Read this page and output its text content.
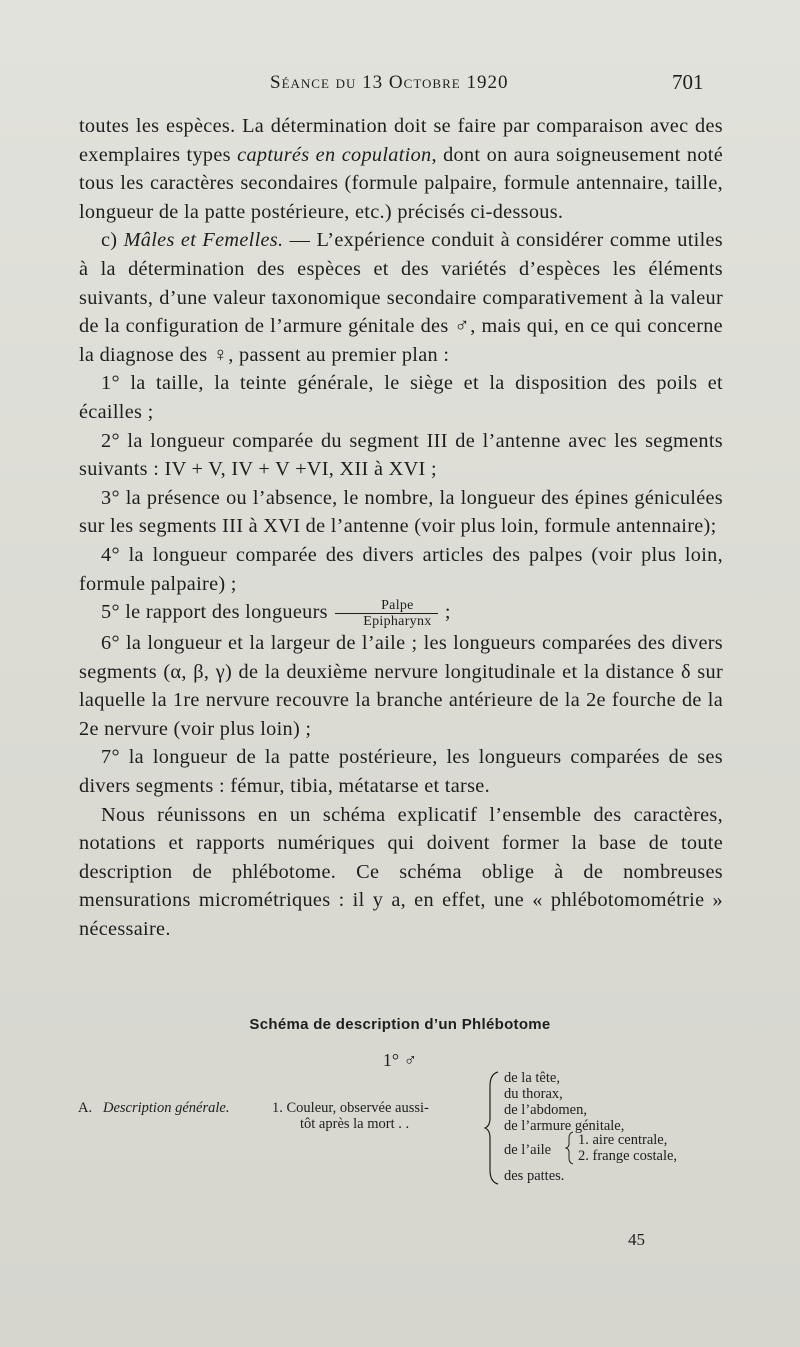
Séance du 13 Octobre 1920	701

toutes les espèces. La détermination doit se faire par comparaison avec des exemplaires types capturés en copulation, dont on aura soigneusement noté tous les caractères secondaires (formule palpaire, formule antennaire, taille, longueur de la patte postérieure, etc.) précisés ci-dessous.

c) Mâles et Femelles. — L’expérience conduit à considérer comme utiles à la détermination des espèces et des variétés d’espèces les éléments suivants, d’une valeur taxonomique secondaire comparativement à la valeur de la configuration de l’armure génitale des ♂, mais qui, en ce qui concerne la diagnose des ♀, passent au premier plan :

1° la taille, la teinte générale, le siège et la disposition des poils et écailles ;

2° la longueur comparée du segment III de l’antenne avec les segments suivants : IV + V, IV + V +VI, XII à XVI ;

3° la présence ou l’absence, le nombre, la longueur des épines géniculées sur les segments III à XVI de l’antenne (voir plus loin, formule antennaire);

4° la longueur comparée des divers articles des palpes (voir plus loin, formule palpaire) ;

5° le rapport des longueurs $\frac{\text{Palpe}}{\text{Epipharynx}}$ ;

6° la longueur et la largeur de l’aile ; les longueurs comparées des divers segments (α, β, γ) de la deuxième nervure longitudinale et la distance δ sur laquelle la 1re nervure recouvre la branche antérieure de la 2e fourche de la 2e nervure (voir plus loin) ;

7° la longueur de la patte postérieure, les longueurs comparées de ses divers segments : fémur, tibia, métatarse et tarse.

Nous réunissons en un schéma explicatif l’ensemble des caractères, notations et rapports numériques qui doivent former la base de toute description de phlébotome. Ce schéma oblige à de nombreuses mensurations micrométriques : il y a, en effet, une « phlébotomométrie » nécessaire.

Schéma de description d’un Phlébotome
1° ♂
A. Description générale.	1. Couleur, observée aussi-
tôt après la mort . .
de la tête,
du thorax,
de l’abdomen,
de l’armure génitale,
de l’aile
1. aire centrale,
2. frange costale,
des pattes.
45
